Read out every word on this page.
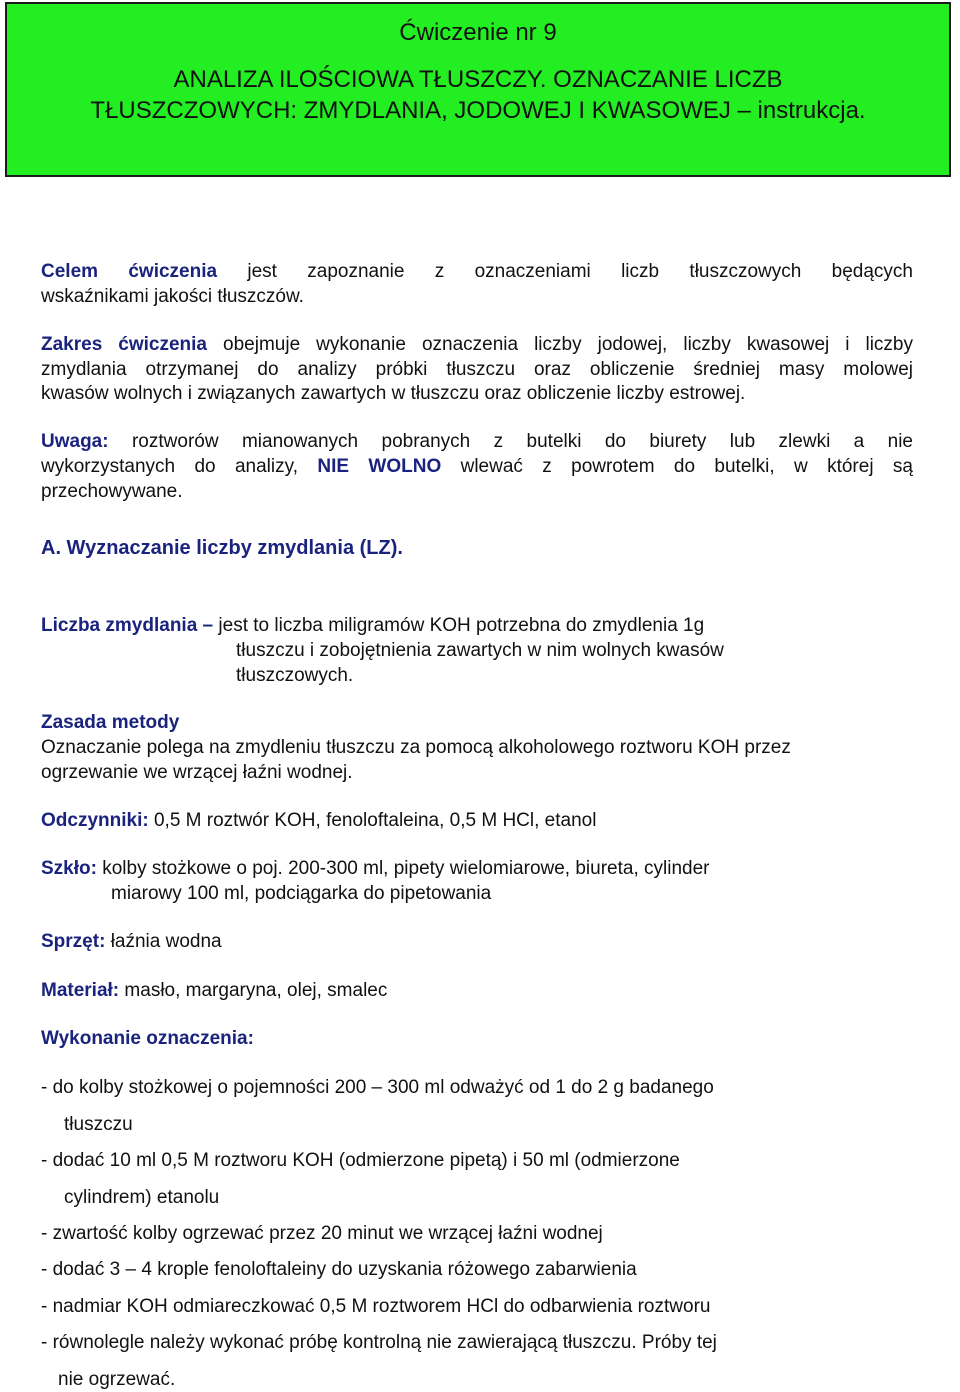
Ćwiczenie nr 9
ANALIZA ILOŚCIOWA TŁUSZCZY. OZNACZANIE LICZB
TŁUSZCZOWYCH: ZMYDLANIA, JODOWEJ I KWASOWEJ – instrukcja.
Celem ćwiczenia jest zapoznanie z oznaczeniami liczb tłuszczowych będących
wskaźnikami jakości tłuszczów.
Zakres ćwiczenia obejmuje wykonanie oznaczenia liczby jodowej, liczby kwasowej i liczby
zmydlania otrzymanej do analizy próbki tłuszczu oraz obliczenie średniej masy molowej
kwasów wolnych i związanych zawartych w tłuszczu oraz obliczenie liczby estrowej.
Uwaga: roztworów mianowanych pobranych z butelki do biurety lub zlewki a nie
wykorzystanych do analizy, NIE WOLNO wlewać z powrotem do butelki, w której są
przechowywane.
A. Wyznaczanie liczby zmydlania (LZ).
Liczba zmydlania – jest to liczba miligramów KOH potrzebna do zmydlenia 1g
tłuszczu i zobojętnienia zawartych w nim wolnych kwasów
tłuszczowych.
Zasada metody
Oznaczanie polega na zmydleniu tłuszczu za pomocą alkoholowego roztworu KOH przez
ogrzewanie we wrzącej łaźni wodnej.
Odczynniki: 0,5 M roztwór KOH, fenoloftaleina, 0,5 M HCl, etanol
Szkło: kolby stożkowe o poj. 200-300 ml, pipety wielomiarowe, biureta, cylinder
miarowy 100 ml, podciągarka do pipetowania
Sprzęt: łaźnia wodna
Materiał: masło, margaryna, olej, smalec
Wykonanie oznaczenia:
- do kolby stożkowej o pojemności 200 – 300 ml odważyć od 1 do 2 g badanego
tłuszczu
- dodać 10 ml 0,5 M roztworu KOH (odmierzone pipetą) i 50 ml (odmierzone
cylindrem) etanolu
- zwartość kolby ogrzewać przez 20 minut we wrzącej łaźni wodnej
- dodać 3 – 4 krople fenoloftaleiny do uzyskania różowego zabarwienia
- nadmiar KOH odmiareczkować 0,5 M roztworem HCl do odbarwienia roztworu
- równolegle należy wykonać próbę kontrolną nie zawierającą tłuszczu. Próby tej
nie ogrzewać.
